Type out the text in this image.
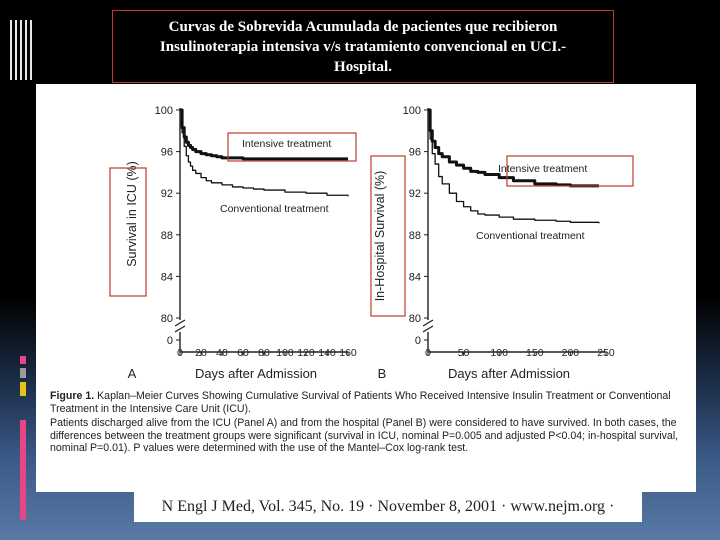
Curvas de Sobrevida Acumulada de pacientes que recibieron
Insulinoterapia intensiva v/s tratamiento convencional en UCI.-
Hospital.
0
100
96
92
88
84
80
0 20 40 60 80 100 120 140 160
Days after Admission
A
Survival in ICU (%)
Intensive treatment
Conventional treatment
0
100
96
92
88
84
80
0	50 100 150 200 250
Days after Admission
B
In-Hospital Survival (%)
Intensive treatment
Conventional treatment

Figure 1. Kaplan–Meier Curves Showing Cumulative Survival of Patients Who Received Intensive Insulin Treatment or Conventional Treatment in the Intensive Care Unit (ICU).

Patients discharged alive from the ICU (Panel A) and from the hospital (Panel B) were considered to have survived. In both cases, the differences between the treatment groups were significant (survival in ICU, nominal P=0.005 and adjusted P<0.04; in-hospital survival, nominal P=0.01). P values were determined with the use of the Mantel–Cox log-rank test.

N Engl J Med, Vol. 345, No. 19 · November 8, 2001 · www.nejm.org ·
